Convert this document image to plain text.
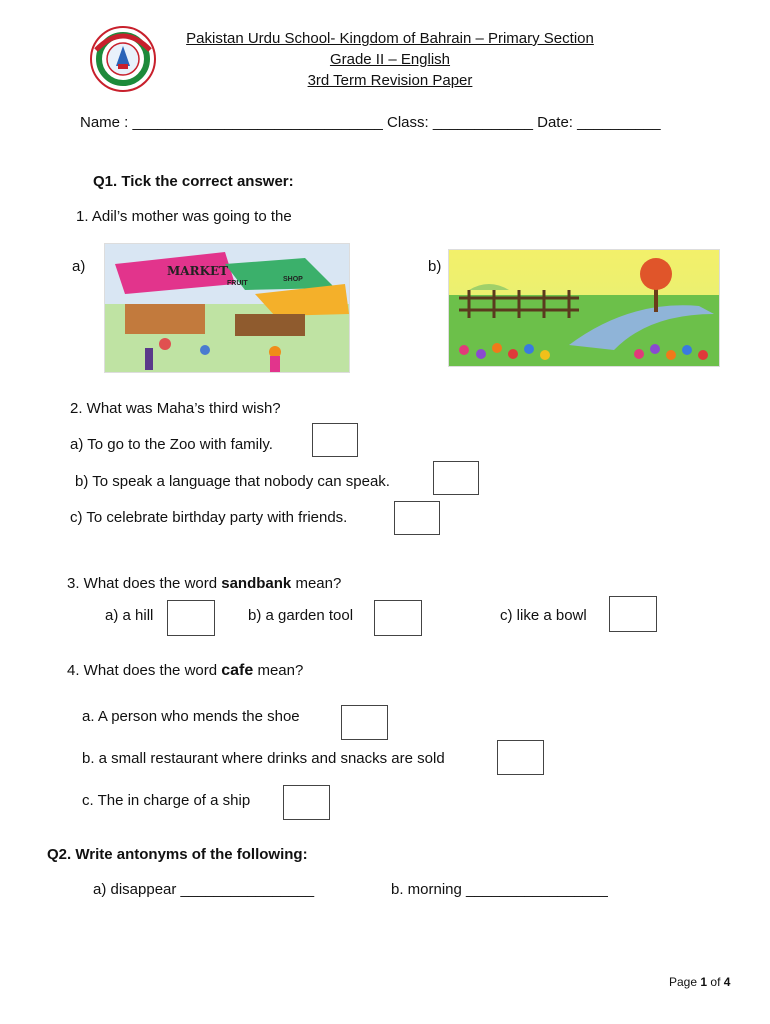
Pakistan Urdu School- Kingdom of Bahrain – Primary Section
Grade II – English
3rd Term Revision Paper
Name : ______________________________ Class: ____________ Date: __________
Q1. Tick the correct answer:
1. Adil’s mother was going to the
a)	b)
MARKET
FRUIT
SHOP
2. What was Maha’s third wish?
a) To go to the Zoo with family.
b) To speak a language that nobody can speak.
c) To celebrate birthday party with friends.
3. What does the word sandbank mean?
a) a hill	b) a garden tool	c) like a bowl
4. What does the word cafe mean?
a. A person who mends the shoe
b. a small restaurant where drinks and snacks are sold
c. The in charge of a ship
Q2. Write antonyms of the following:
a) disappear ________________	b. morning _________________
Page 1 of 4
